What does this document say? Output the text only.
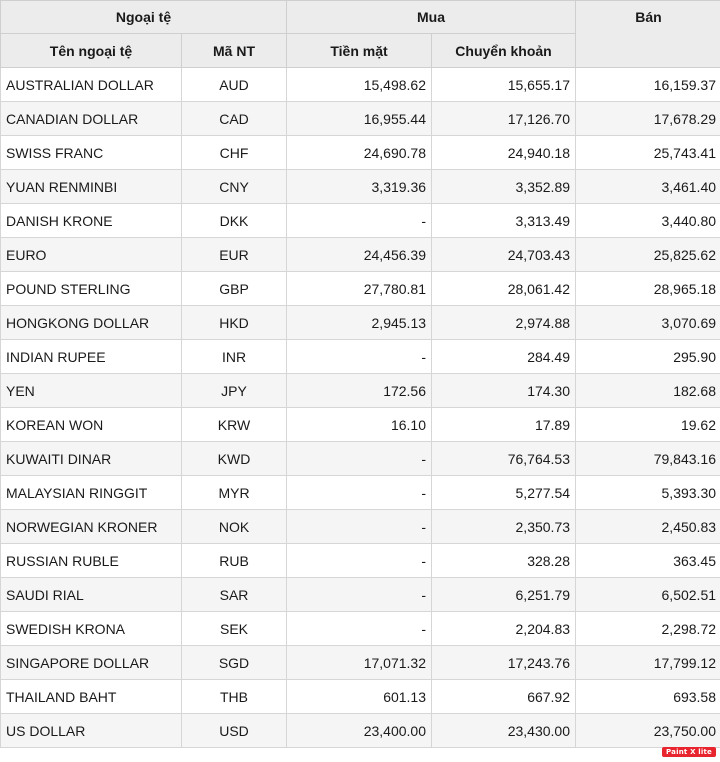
Ngoại tệ		Mua		Bán
Tên ngoại tệ	Mã NT	Tiền mặt	Chuyển khoản	
AUSTRALIAN DOLLAR	AUD	15,498.62	15,655.17	16,159.37
CANADIAN DOLLAR	CAD	16,955.44	17,126.70	17,678.29
SWISS FRANC	CHF	24,690.78	24,940.18	25,743.41
YUAN RENMINBI	CNY	3,319.36	3,352.89	3,461.40
DANISH KRONE	DKK	-	3,313.49	3,440.80
EURO	EUR	24,456.39	24,703.43	25,825.62
POUND STERLING	GBP	27,780.81	28,061.42	28,965.18
HONGKONG DOLLAR	HKD	2,945.13	2,974.88	3,070.69
INDIAN RUPEE	INR	-	284.49	295.90
YEN	JPY	172.56	174.30	182.68
KOREAN WON	KRW	16.10	17.89	19.62
KUWAITI DINAR	KWD	-	76,764.53	79,843.16
MALAYSIAN RINGGIT	MYR	-	5,277.54	5,393.30
NORWEGIAN KRONER	NOK	-	2,350.73	2,450.83
RUSSIAN RUBLE	RUB	-	328.28	363.45
SAUDI RIAL	SAR	-	6,251.79	6,502.51
SWEDISH KRONA	SEK	-	2,204.83	2,298.72
SINGAPORE DOLLAR	SGD	17,071.32	17,243.76	17,799.12
THAILAND BAHT	THB	601.13	667.92	693.58
US DOLLAR	USD	23,400.00	23,430.00	23,750.00
Paint X lite
